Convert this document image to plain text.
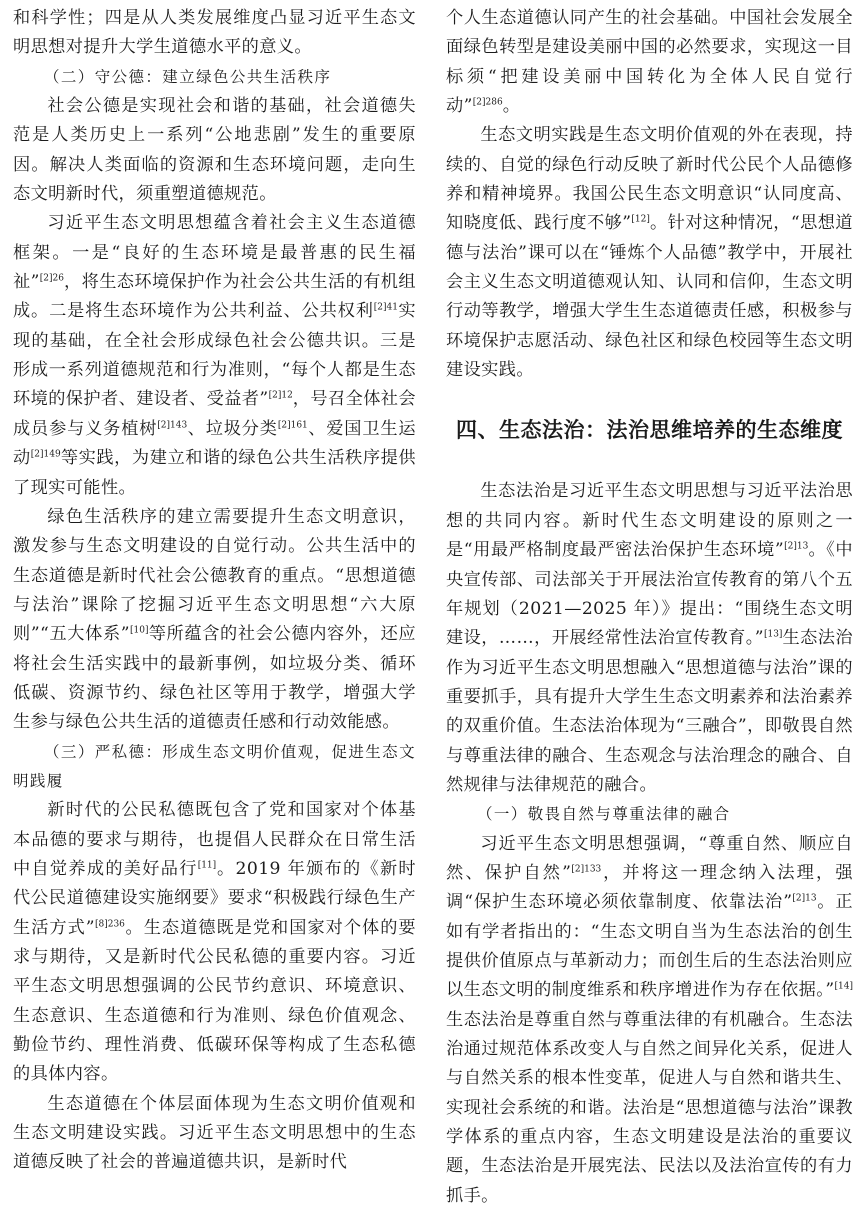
和科学性；四是从人类发展维度凸显习近平生态文明思想对提升大学生道德水平的意义。

（二）守公德：建立绿色公共生活秩序

社会公德是实现社会和谐的基础，社会道德失范是人类历史上一系列“公地悲剧”发生的重要原因。解决人类面临的资源和生态环境问题，走向生态文明新时代，须重塑道德规范。

习近平生态文明思想蕴含着社会主义生态道德框架。一是“良好的生态环境是最普惠的民生福祉”$^{[2]26}$，将生态环境保护作为社会公共生活的有机组成。二是将生态环境作为公共利益、公共权利$^{[2]41}$实现的基础，在全社会形成绿色社会公德共识。三是形成一系列道德规范和行为准则，“每个人都是生态环境的保护者、建设者、受益者”$^{[2]12}$，号召全体社会成员参与义务植树$^{[2]143}$、垃圾分类$^{[2]161}$、爱国卫生运动$^{[2]149}$等实践，为建立和谐的绿色公共生活秩序提供了现实可能性。

绿色生活秩序的建立需要提升生态文明意识，激发参与生态文明建设的自觉行动。公共生活中的生态道德是新时代社会公德教育的重点。“思想道德与法治”课除了挖掘习近平生态文明思想“六大原则”“五大体系”[10]等所蕴含的社会公德内容外，还应将社会生活实践中的最新事例，如垃圾分类、循环低碳、资源节约、绿色社区等用于教学，增强大学生参与绿色公共生活的道德责任感和行动效能感。

（三）严私德：形成生态文明价值观，促进生态文明践履

新时代的公民私德既包含了党和国家对个体基本品德的要求与期待，也提倡人民群众在日常生活中自觉养成的美好品行[11]。2019 年颁布的《新时代公民道德建设实施纲要》要求“积极践行绿色生产生活方式”$^{[8]236}$。生态道德既是党和国家对个体的要求与期待，又是新时代公民私德的重要内容。习近平生态文明思想强调的公民节约意识、环境意识、生态意识、生态道德和行为准则、绿色价值观念、勤俭节约、理性消费、低碳环保等构成了生态私德的具体内容。

生态道德在个体层面体现为生态文明价值观和生态文明建设实践。习近平生态文明思想中的生态道德反映了社会的普遍道德共识，是新时代

个人生态道德认同产生的社会基础。中国社会发展全面绿色转型是建设美丽中国的必然要求，实现这一目标须“把建设美丽中国转化为全体人民自觉行动”$^{[2]286}$。

生态文明实践是生态文明价值观的外在表现，持续的、自觉的绿色行动反映了新时代公民个人品德修养和精神境界。我国公民生态文明意识“认同度高、知晓度低、践行度不够”[12]。针对这种情况，“思想道德与法治”课可以在“锤炼个人品德”教学中，开展社会主义生态文明道德观认知、认同和信仰，生态文明行动等教学，增强大学生生态道德责任感，积极参与环境保护志愿活动、绿色社区和绿色校园等生态文明建设实践。

四、生态法治：法治思维培养的生态维度

生态法治是习近平生态文明思想与习近平法治思想的共同内容。新时代生态文明建设的原则之一是“用最严格制度最严密法治保护生态环境”$^{[2]13}$。《中央宣传部、司法部关于开展法治宣传教育的第八个五年规划（2021—2025 年）》提出：“围绕生态文明建设，……，开展经常性法治宣传教育。”[13]生态法治作为习近平生态文明思想融入“思想道德与法治”课的重要抓手，具有提升大学生生态文明素养和法治素养的双重价值。生态法治体现为“三融合”，即敬畏自然与尊重法律的融合、生态观念与法治理念的融合、自然规律与法律规范的融合。

（一）敬畏自然与尊重法律的融合

习近平生态文明思想强调，“尊重自然、顺应自然、保护自然”$^{[2]133}$，并将这一理念纳入法理，强调“保护生态环境必须依靠制度、依靠法治”$^{[2]13}$。正如有学者指出的：“生态文明自当为生态法治的创生提供价值原点与革新动力；而创生后的生态法治则应以生态文明的制度维系和秩序增进作为存在依据。”[14]生态法治是尊重自然与尊重法律的有机融合。生态法治通过规范体系改变人与自然之间异化关系，促进人与自然关系的根本性变革，促进人与自然和谐共生、实现社会系统的和谐。法治是“思想道德与法治”课教学体系的重点内容，生态文明建设是法治的重要议题，生态法治是开展宪法、民法以及法治宣传的有力抓手。
